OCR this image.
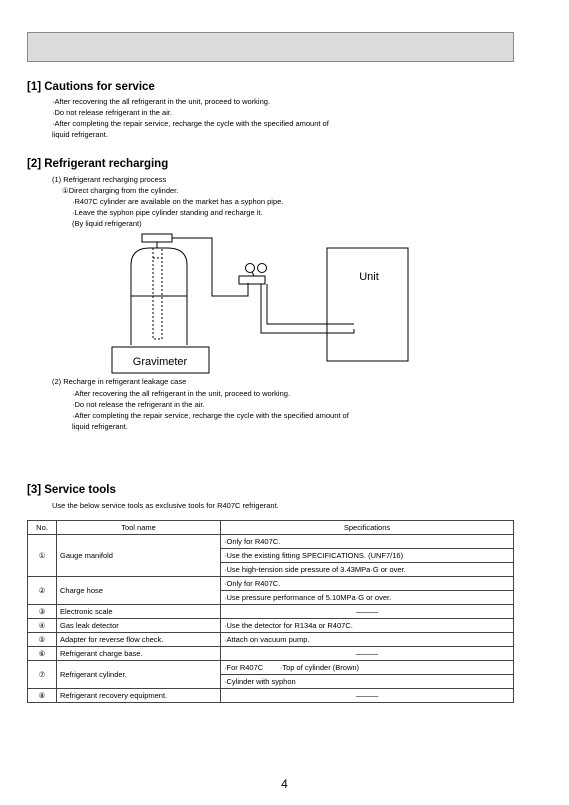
[1] Cautions for service
·After recovering the all refrigerant in the unit, proceed to working.
·Do not release refrigerant in the air.
·After completing the repair service, recharge the cycle with the specified amount of
liquid refrigerant.
[2] Refrigerant recharging
(1) Refrigerant recharging process
①Direct charging from the cylinder.
·R407C cylinder are available on the market has a syphon pipe.
·Leave the syphon pipe cylinder standing and recharge it.
(By liquid refrigerant)
Unit
Gravimeter
(2) Recharge in refrigerant leakage case
·After recovering the all refrigerant in the unit, proceed to working.
·Do not release the refrigerant in the air.
·After completing the repair service, recharge the cycle with the specified amount of
liquid refrigerant.
[3] Service tools
Use the below service tools as exclusive tools for R407C refrigerant.
No.	Tool name	Specifications
①	Gauge manifold	·Only for R407C.
		·Use the existing fitting SPECIFICATIONS. (UNF7/16)
		·Use high-tension side pressure of 3.43MPa·G or over.
②	Charge hose	·Only for R407C.
		·Use pressure performance of 5.10MPa·G or over.
③	Electronic scale	———
④	Gas leak detector	·Use the detector for R134a or R407C.
⑤	Adapter for reverse flow check.	·Attach on vacuum pump.
⑥	Refrigerant charge base.	———
⑦	Refrigerant cylinder.	·For R407C        ·Top of cylinder (Brown)
		·Cylinder with syphon
⑧	Refrigerant recovery equipment.	———
4
